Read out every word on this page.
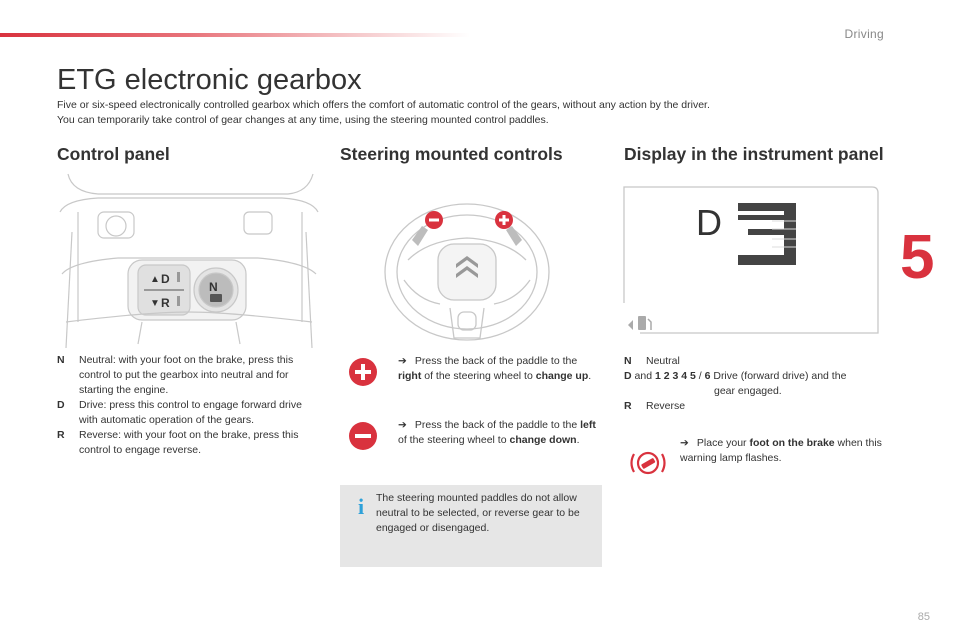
Driving
5
85
ETG electronic gearbox
Five or six-speed electronically controlled gearbox which offers the comfort of automatic control of the gears, without any action by the driver.
You can temporarily take control of gear changes at any time, using the steering mounted control paddles.
Control panel
▲ D
▼ R
N
N	Neutral: with your foot on the brake, press this control to put the gearbox into neutral and for starting the engine.
D	Drive: press this control to engage forward drive with automatic operation of the gears.
R	Reverse: with your foot on the brake, press this control to engage reverse.
Steering mounted controls
➔ Press the back of the paddle to the right of the steering wheel to change up.
➔ Press the back of the paddle to the left of the steering wheel to change down.
i	The steering mounted paddles do not allow neutral to be selected, or reverse gear to be engaged or disengaged.
Display in the instrument panel
D
3
N	Neutral
D and 1 2 3 4 5 / 6 Drive (forward drive) and the
gear engaged.
R	Reverse
➔ Place your foot on the brake when this warning lamp flashes.
